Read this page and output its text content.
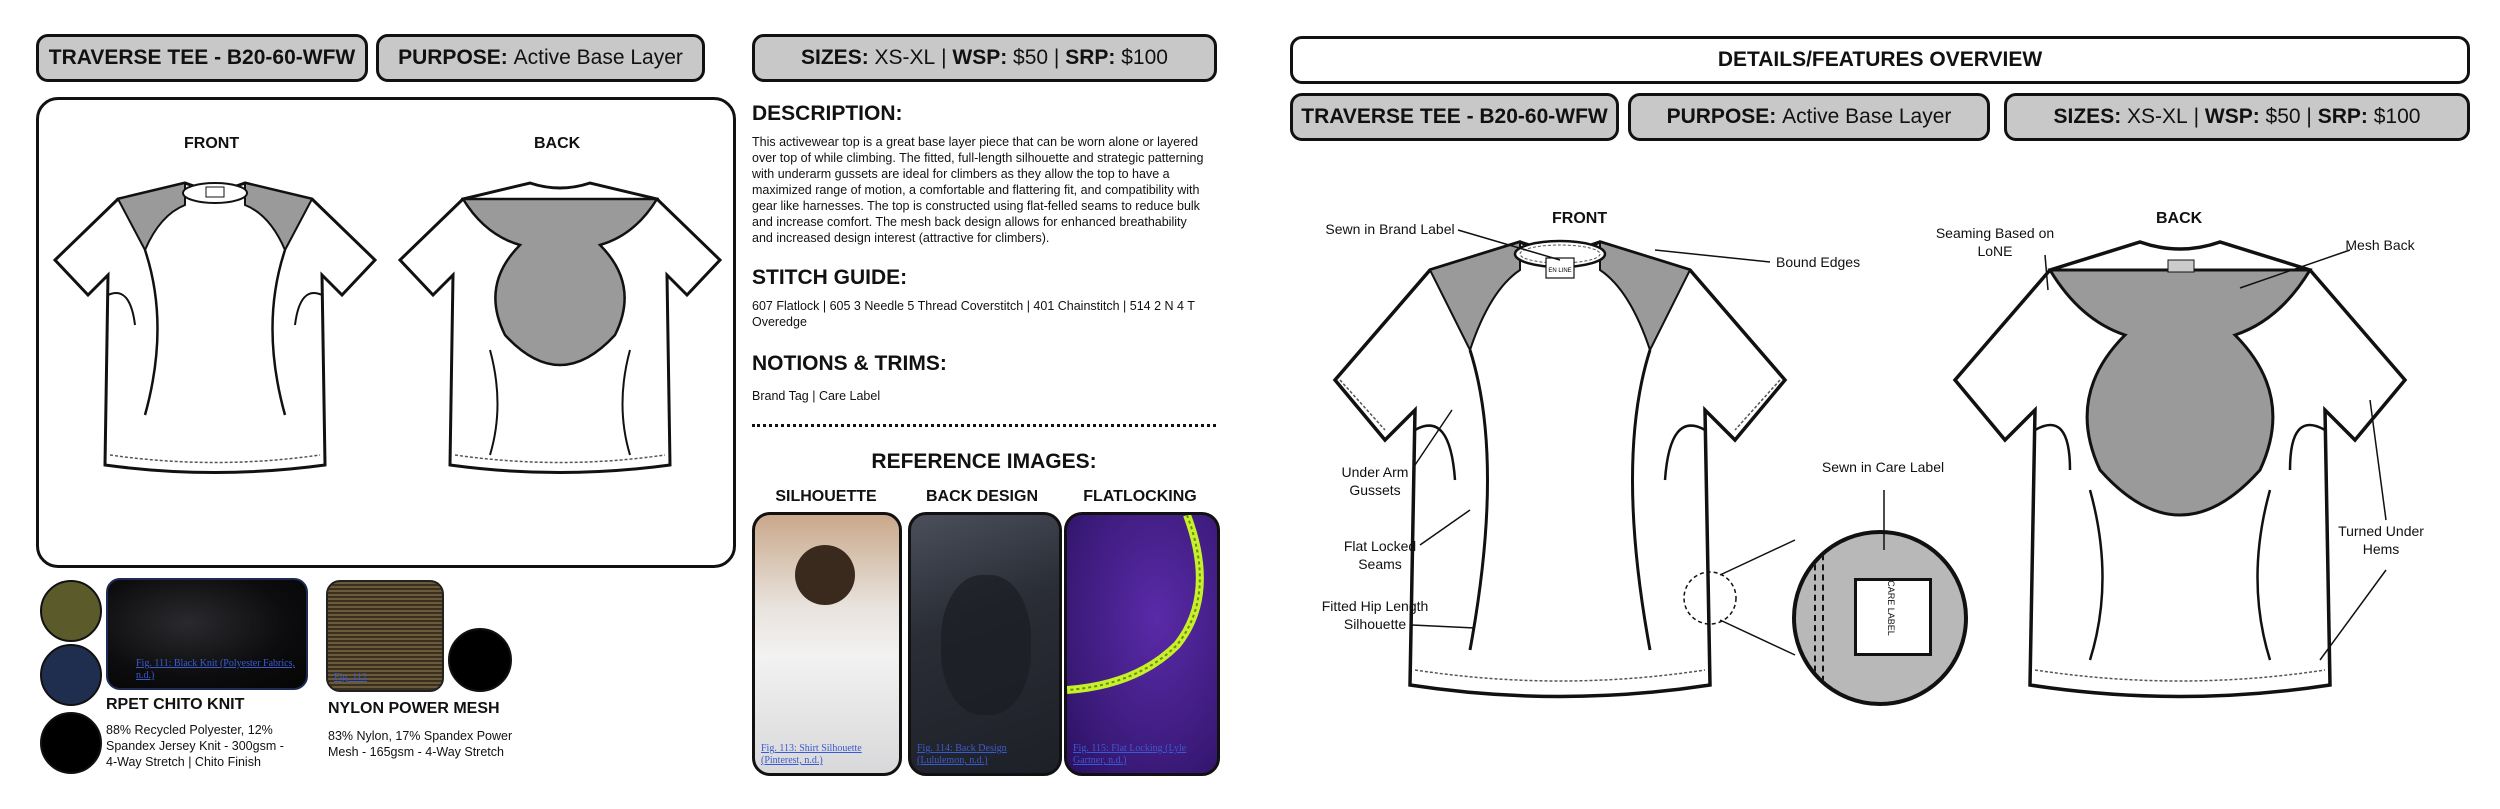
TRAVERSE TEE - B20-60-WFW PURPOSE:
Active Base Layer	SIZES:
XS-XL | WSP:
$50 | SRP:
$100
FRONT	BACK
Fig. 111: Black Knit (Polyester Fabrics, n.d.)
RPET CHITO KNIT
88% Recycled Polyester, 12% Spandex Jersey Knit - 300gsm - 4-Way Stretch | Chito Finish
Fig. 112
NYLON POWER MESH
83% Nylon, 17% Spandex Power Mesh - 165gsm - 4-Way Stretch
DESCRIPTION:
This activewear top is a great base layer piece that can be worn alone or layered over top of while climbing. The fitted, full-length silhouette and strategic patterning with underarm gussets are ideal for climbers as they allow the top to have a maximized range of motion, a comfortable and flattering fit, and compatibility with gear like harnesses. The top is constructed using flat-felled seams to reduce bulk and increase comfort. The mesh back design allows for enhanced breathability and increased design interest (attractive for climbers).
STITCH GUIDE:
607 Flatlock | 605 3 Needle 5 Thread Coverstitch | 401 Chainstitch | 514 2 N 4 T Overedge
NOTIONS & TRIMS:
Brand Tag | Care Label
REFERENCE IMAGES:
SILHOUETTE	BACK DESIGN	FLATLOCKING
Fig. 113: Shirt Silhouette (Pinterest, n.d.)
Fig. 114: Back Design (Lululemon, n.d.)
Fig. 115: Flat Locking (Lyle Gartner, n.d.)
DETAILS/FEATURES OVERVIEW
TRAVERSE TEE - B20-60-WFW	PURPOSE:
Active Base Layer	SIZES:
XS-XL | WSP:
$50 | SRP:
$100
FRONT	BACK
EN LINE
CARE LABEL
Sewn in Brand Label
Bound Edges
Under Arm Gussets
Flat Locked Seams
Fitted Hip Length Silhouette
Sewn in Care Label
Seaming Based on LoNE	Mesh Back
Turned Under Hems
